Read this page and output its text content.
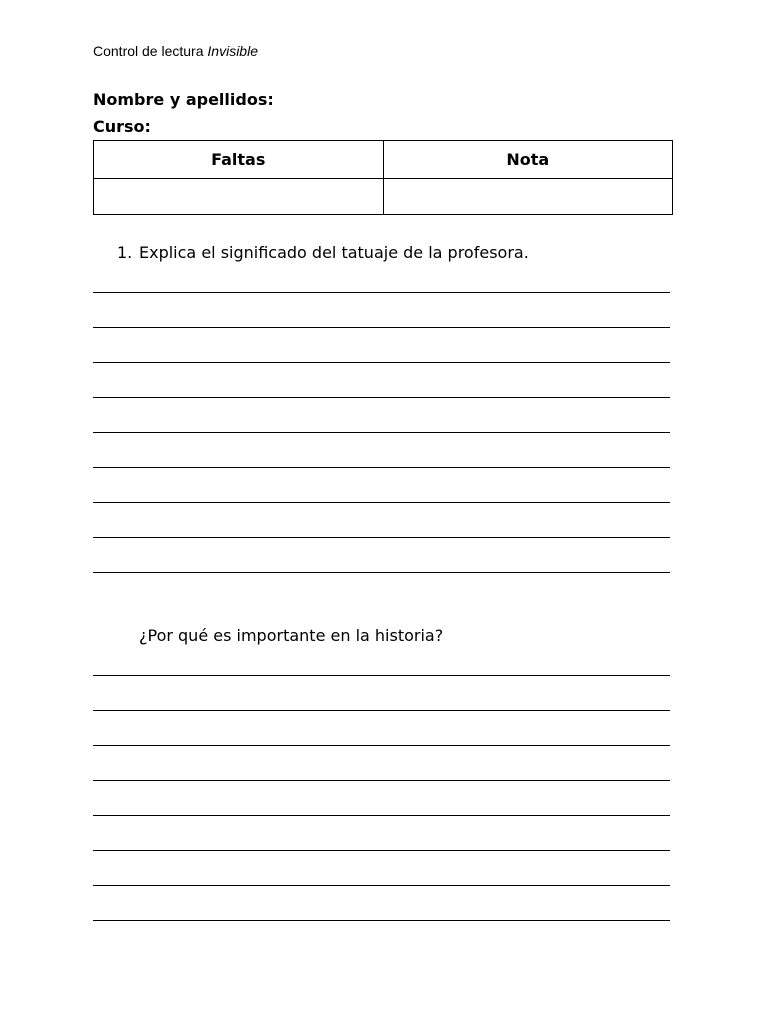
Control de lectura Invisible
Nombre y apellidos:
Curso:
Faltas	Nota

1. Explica el significado del tatuaje de la profesora.
¿Por qué es importante en la historia?
